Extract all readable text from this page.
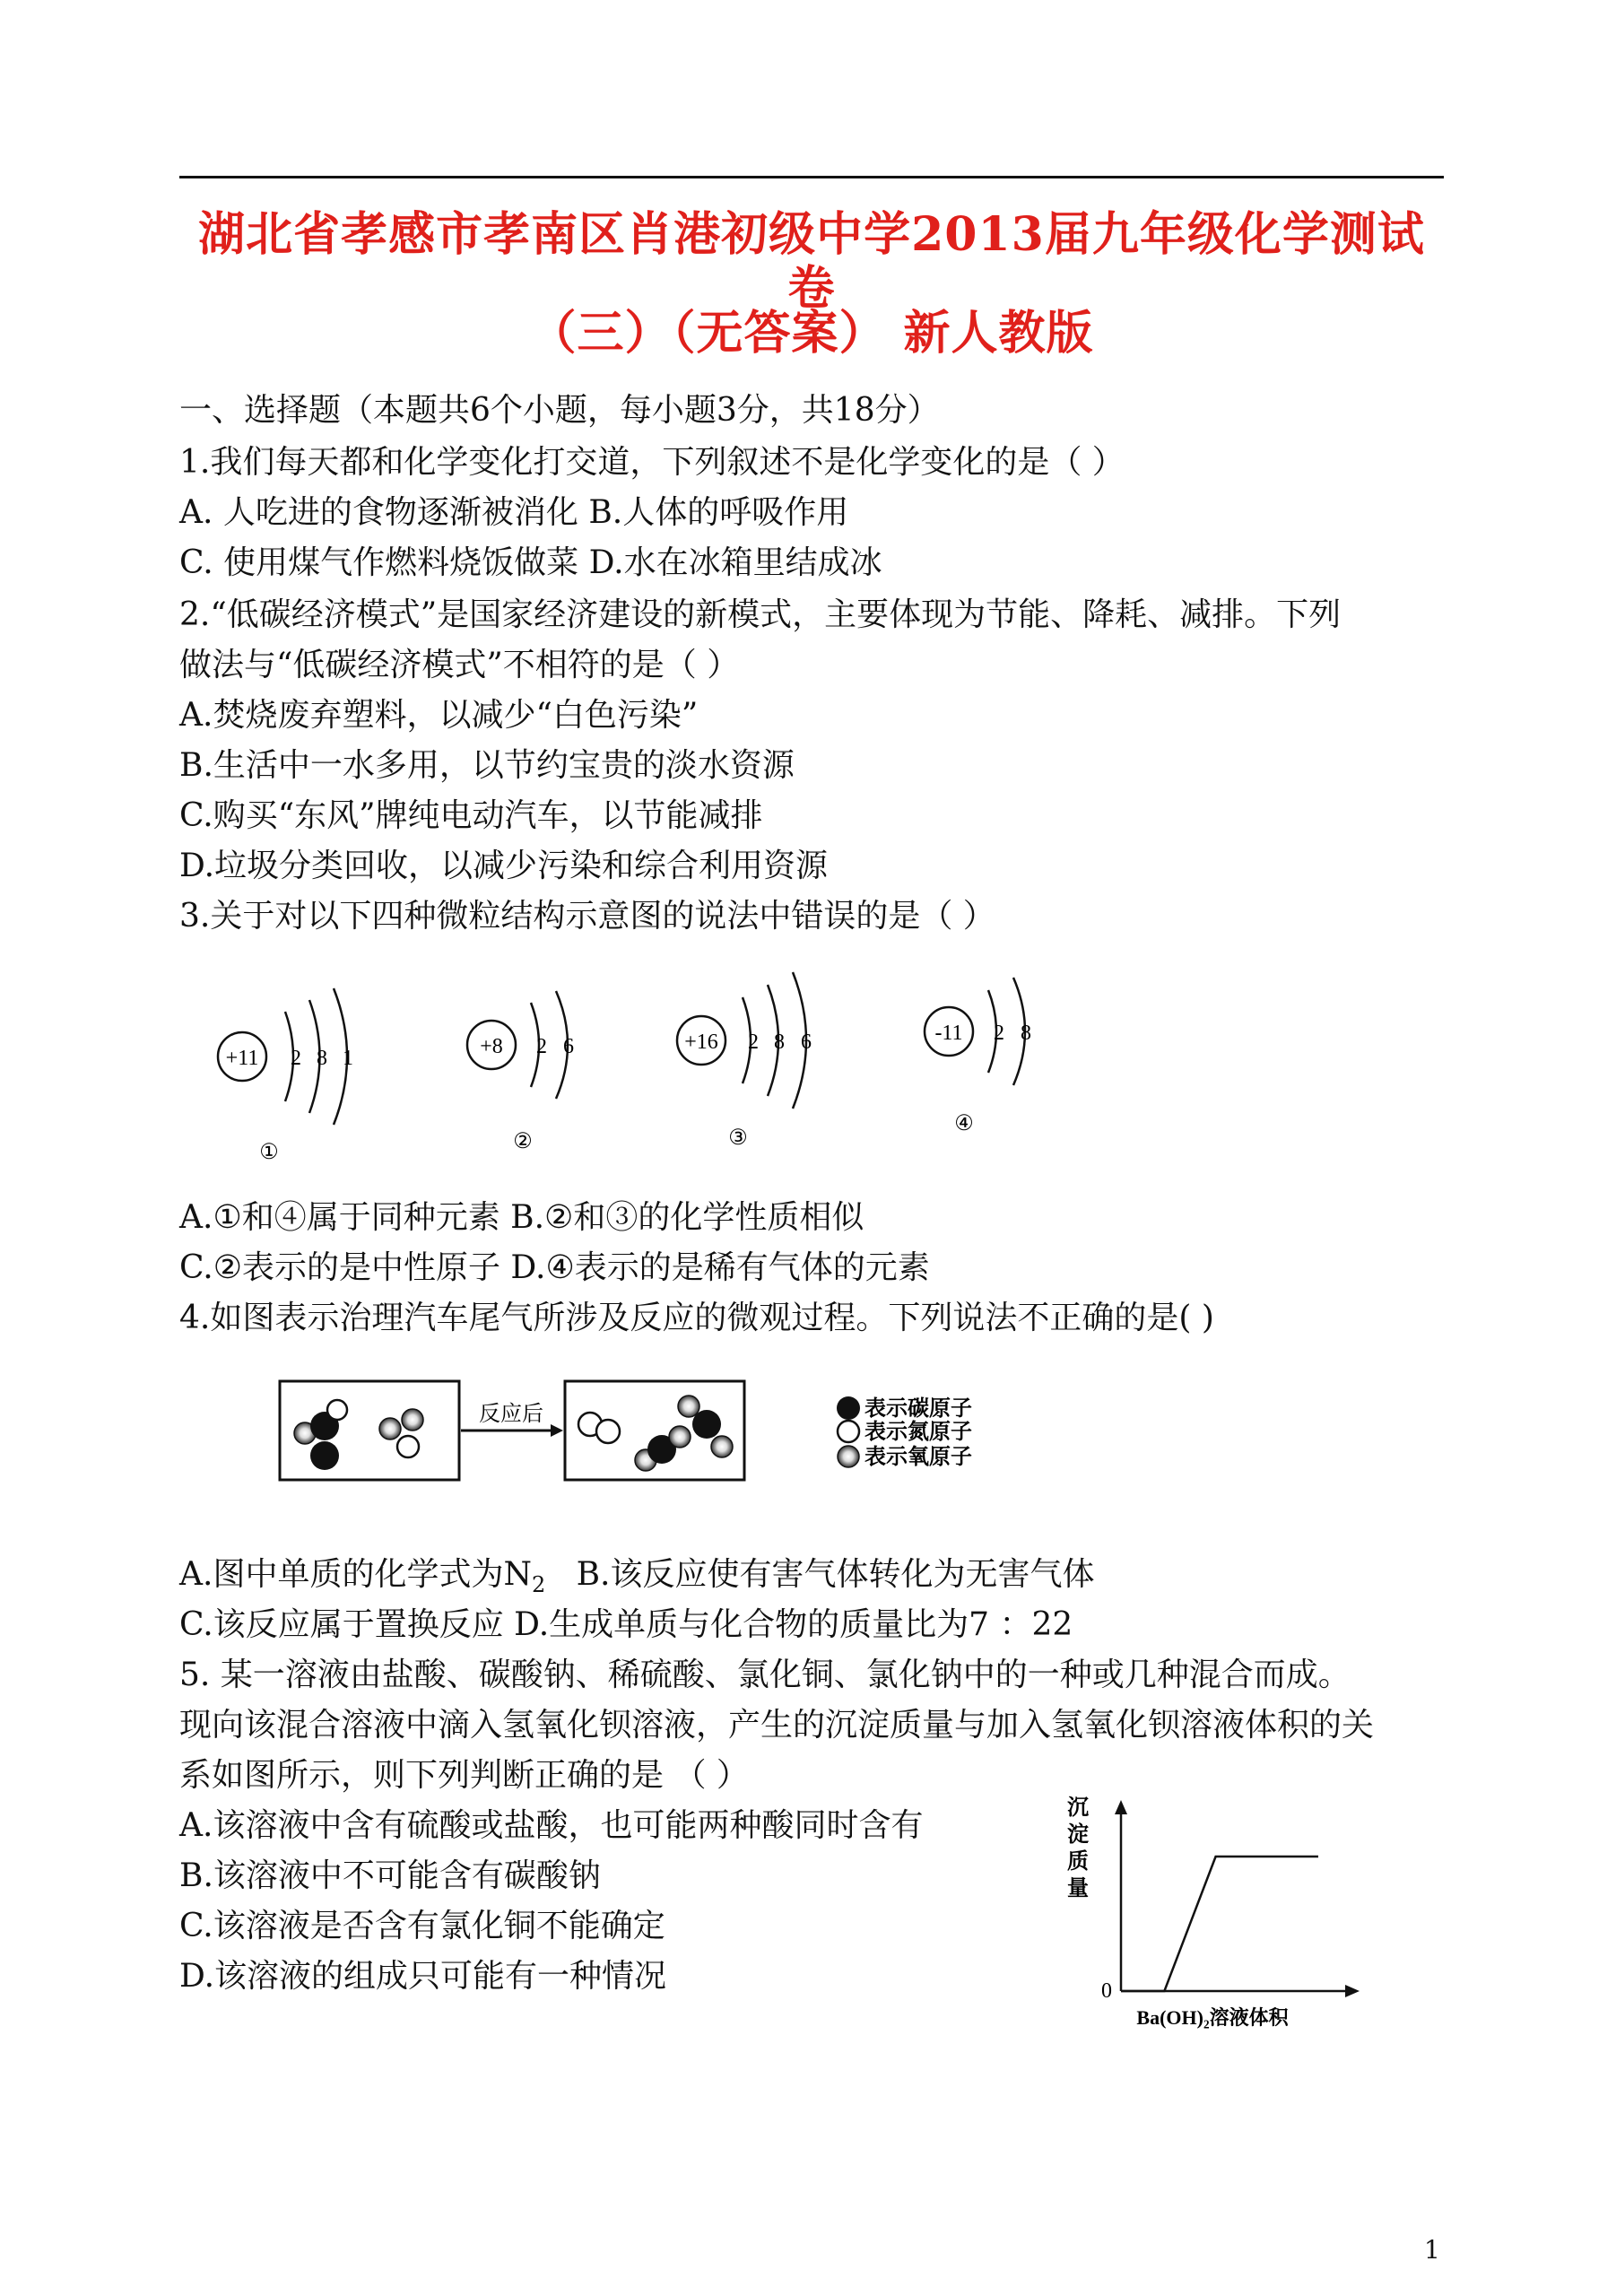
湖北省孝感市孝南区肖港初级中学2013届九年级化学测试卷
（三）（无答案） 新人教版
一、选择题（本题共6个小题，每小题3分，共18分）
1.我们每天都和化学变化打交道，下列叙述不是化学变化的是（ ）
A. 人吃进的食物逐渐被消化 B.人体的呼吸作用
C. 使用煤气作燃料烧饭做菜 D.水在冰箱里结成冰
2.“低碳经济模式”是国家经济建设的新模式，主要体现为节能、降耗、减排。下列
做法与“低碳经济模式”不相符的是（ ）
A.焚烧废弃塑料，以减少“白色污染”
B.生活中一水多用，以节约宝贵的淡水资源
C.购买“东风”牌纯电动汽车，以节能减排
D.垃圾分类回收，以减少污染和综合利用资源
3.关于对以下四种微粒结构示意图的说法中错误的是（ ）
+11 2 8 1
①
+8 2 6
②
+16 2 8 6
③
-11 2 8
④
A.①和④属于同种元素 B.②和③的化学性质相似
C.②表示的是中性原子 D.④表示的是稀有气体的元素
4.如图表示治理汽车尾气所涉及反应的微观过程。下列说法不正确的是( )
反应后	表示碳原子
表示氮原子
表示氧原子
A.图中单质的化学式为$N_2$   B.该反应使有害气体转化为无害气体
C.该反应属于置换反应 D.生成单质与化合物的质量比为7 ：22
5. 某一溶液由盐酸、碳酸钠、稀硫酸、氯化铜、氯化钠中的一种或几种混合而成。
现向该混合溶液中滴入氢氧化钡溶液，产生的沉淀质量与加入氢氧化钡溶液体积的关
系如图所示，则下列判断正确的是 （ ）
A.该溶液中含有硫酸或盐酸，也可能两种酸同时含有
B.该溶液中不可能含有碳酸钠
C.该溶液是否含有氯化铜不能确定
D.该溶液的组成只可能有一种情况
沉
淀
质
量
0
Ba(OH)₂溶液体积
1
